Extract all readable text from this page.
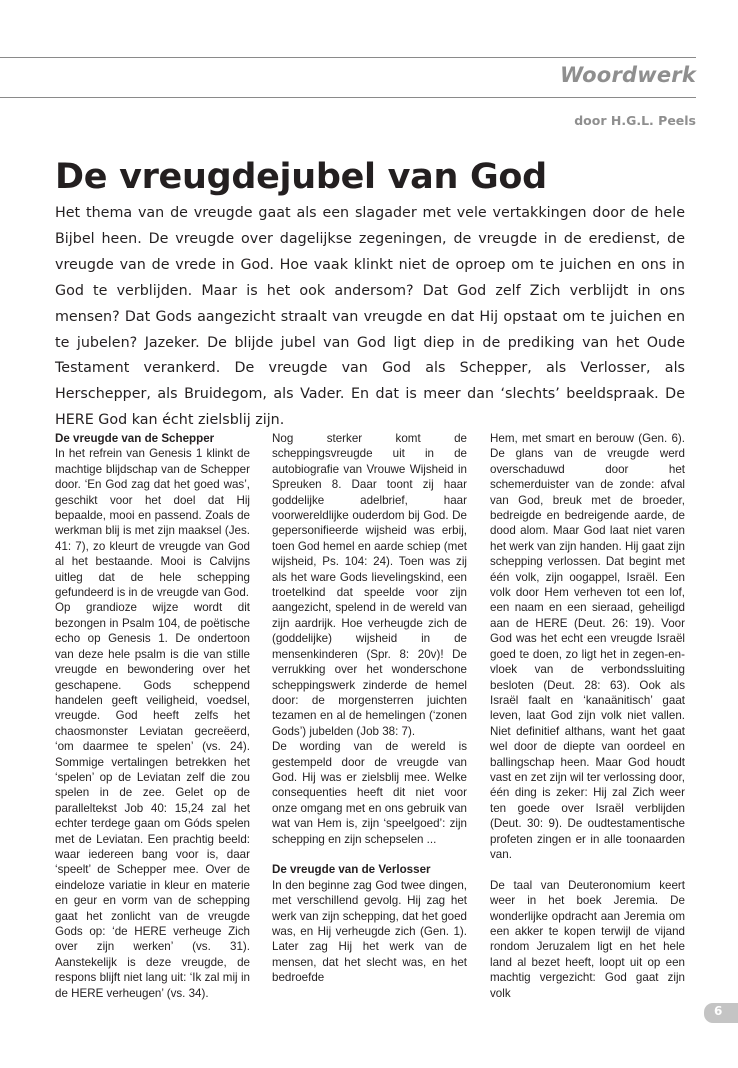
Woordwerk
door H.G.L. Peels
De vreugdejubel van God

Het thema van de vreugde gaat als een slagader met vele vertakkingen door de hele Bijbel heen. De vreugde over dagelijkse zegeningen, de vreugde in de eredienst, de vreugde van de vrede in God. Hoe vaak klinkt niet de oproep om te juichen en ons in God te verblijden. Maar is het ook andersom? Dat God zelf Zich verblijdt in ons mensen? Dat Gods aangezicht straalt van vreugde en dat Hij opstaat om te juichen en te jubelen? Jazeker. De blijde jubel van God ligt diep in de prediking van het Oude Testament verankerd. De vreugde van God als Schepper, als Verlosser, als Herschepper, als Bruidegom, als Vader. En dat is meer dan ‘slechts’ beeldspraak. De HERE God kan écht zielsblij zijn.

De vreugde van de Schepper

In het refrein van Genesis 1 klinkt de machtige blijdschap van de Schepper door. ‘En God zag dat het goed was’, geschikt voor het doel dat Hij bepaalde, mooi en passend. Zoals de werkman blij is met zijn maaksel (Jes. 41: 7), zo kleurt de vreugde van God al het bestaande. Mooi is Calvijns uitleg dat de hele schepping gefundeerd is in de vreugde van God.

Op grandioze wijze wordt dit bezongen in Psalm 104, de poëtische echo op Genesis 1. De ondertoon van deze hele psalm is die van stille vreugde en bewondering over het geschapene. Gods scheppend handelen geeft veiligheid, voedsel, vreugde. God heeft zelfs het chaosmonster Leviatan gecreëerd, ‘om daarmee te spelen’ (vs. 24). Sommige vertalingen betrekken het ‘spelen’ op de Leviatan zelf die zou spelen in de zee. Gelet op de paralleltekst Job 40: 15,24 zal het echter terdege gaan om Góds spelen met de Leviatan. Een prachtig beeld: waar iedereen bang voor is, daar ‘speelt’ de Schepper mee. Over de eindeloze variatie in kleur en materie en geur en vorm van de schepping gaat het zonlicht van de vreugde Gods op: ‘de HERE verheuge Zich over zijn werken’ (vs. 31). Aanstekelijk is deze vreugde, de respons blijft niet lang uit: ‘Ik zal mij in de HERE verheugen’ (vs. 34).

Nog sterker komt de scheppingsvreugde uit in de autobiografie van Vrouwe Wijsheid in Spreuken 8. Daar toont zij haar goddelijke adelbrief, haar voorwereldlijke ouderdom bij God. De gepersonifieerde wijsheid was erbij, toen God hemel en aarde schiep (met wijsheid, Ps. 104: 24). Toen was zij als het ware Gods lievelingskind, een troetelkind dat speelde voor zijn aangezicht, spelend in de wereld van zijn aardrijk. Hoe verheugde zich de (goddelijke) wijsheid in de mensenkinderen (Spr. 8: 20v)! De verrukking over het wonderschone scheppingswerk zinderde de hemel door: de morgensterren juichten tezamen en al de hemelingen (‘zonen Gods’) jubelden (Job 38: 7).

De wording van de wereld is gestempeld door de vreugde van God. Hij was er zielsblij mee. Welke consequenties heeft dit niet voor onze omgang met en ons gebruik van wat van Hem is, zijn ‘speelgoed’: zijn schepping en zijn schepselen ...

De vreugde van de Verlosser

In den beginne zag God twee dingen, met verschillend gevolg. Hij zag het werk van zijn schepping, dat het goed was, en Hij verheugde zich (Gen. 1). Later zag Hij het werk van de mensen, dat het slecht was, en het bedroefde

Hem, met smart en berouw (Gen. 6). De glans van de vreugde werd overschaduwd door het schemerduister van de zonde: afval van God, breuk met de broeder, bedreigde en bedreigende aarde, de dood alom. Maar God laat niet varen het werk van zijn handen. Hij gaat zijn schepping verlossen. Dat begint met één volk, zijn oogappel, Israël. Een volk door Hem verheven tot een lof, een naam en een sieraad, geheiligd aan de HERE (Deut. 26: 19). Voor God was het echt een vreugde Israël goed te doen, zo ligt het in zegen-en-vloek van de verbondssluiting besloten (Deut. 28: 63). Ook als Israël faalt en ‘kanaänitisch’ gaat leven, laat God zijn volk niet vallen. Niet definitief althans, want het gaat wel door de diepte van oordeel en ballingschap heen. Maar God houdt vast en zet zijn wil ter verlossing door, één ding is zeker: Hij zal Zich weer ten goede over Israël verblijden (Deut. 30: 9). De oudtestamentische profeten zingen er in alle toonaarden van.

De taal van Deuteronomium keert weer in het boek Jeremia. De wonderlijke opdracht aan Jeremia om een akker te kopen terwijl de vijand rondom Jeruzalem ligt en het hele land al bezet heeft, loopt uit op een machtig vergezicht: God gaat zijn volk

6
